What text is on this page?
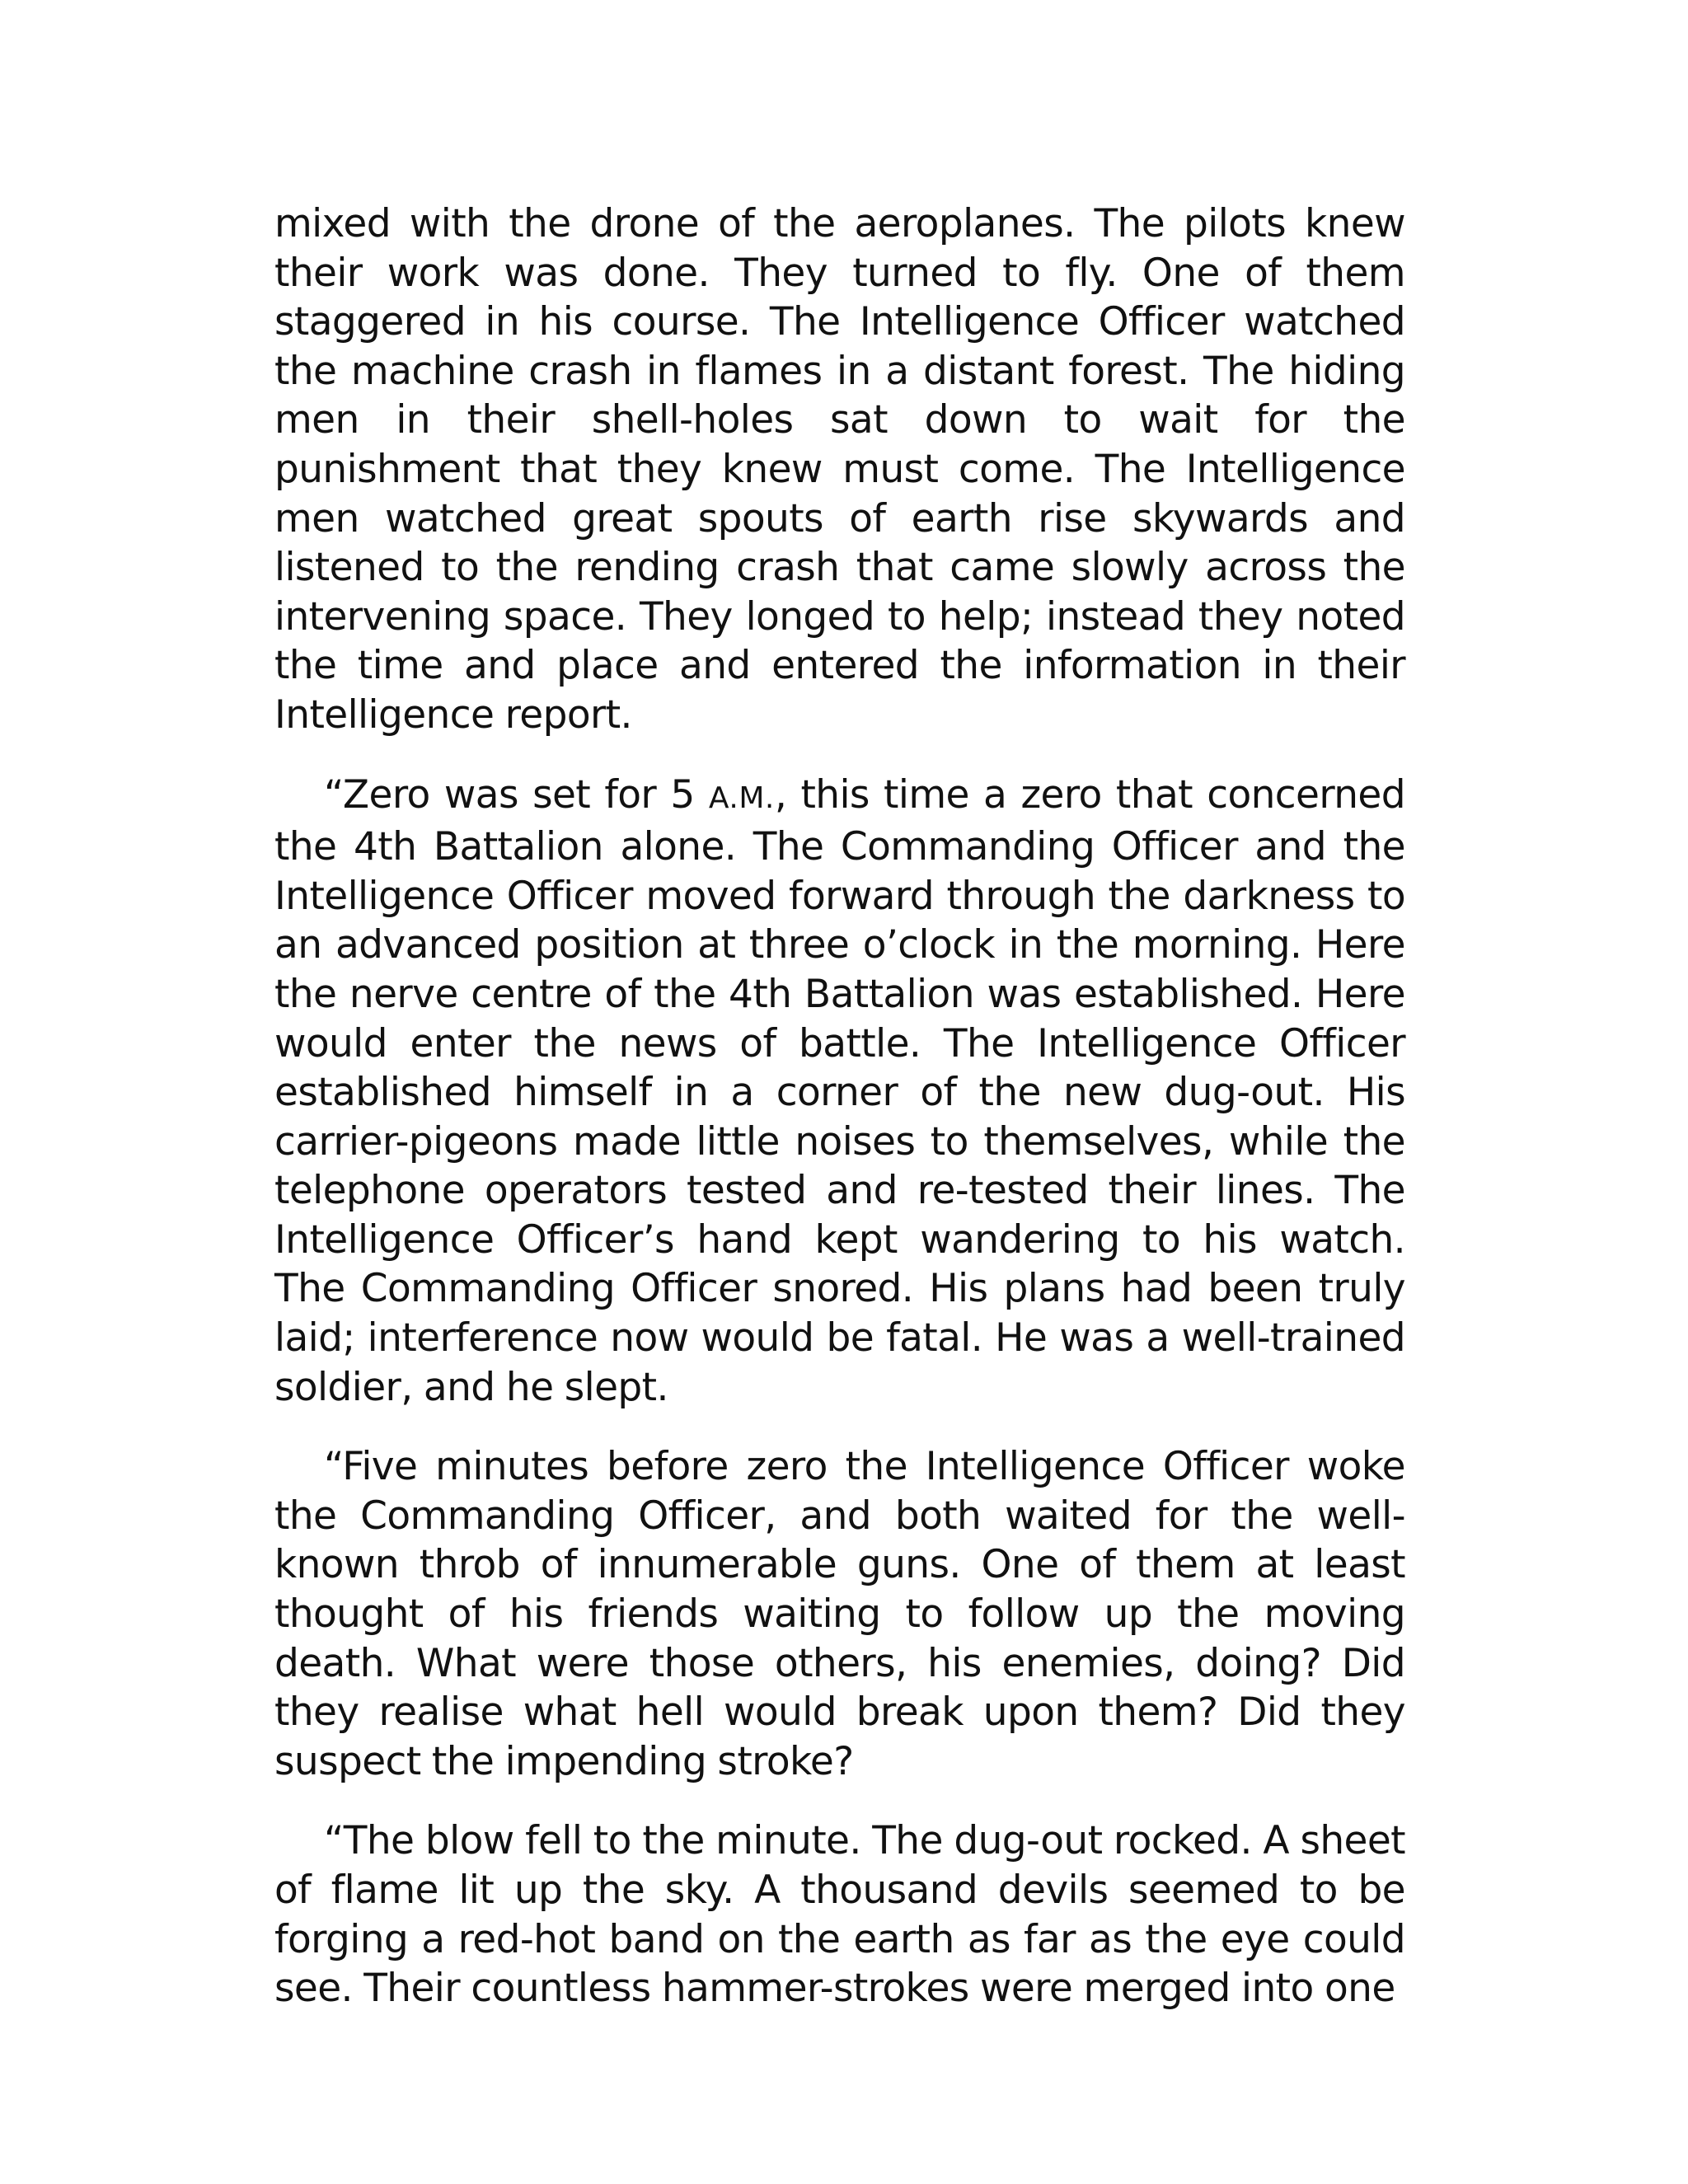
mixed with the drone of the aeroplanes. The pilots knew their work was done. They turned to fly. One of them staggered in his course. The Intelligence Officer watched the machine crash in flames in a distant forest. The hiding men in their shell-holes sat down to wait for the punishment that they knew must come. The Intelligence men watched great spouts of earth rise skywards and listened to the rending crash that came slowly across the intervening space. They longed to help; instead they noted the time and place and entered the information in their Intelligence report.

“Zero was set for 5 A.M., this time a zero that concerned the 4th Battalion alone. The Commanding Officer and the Intelligence Officer moved forward through the darkness to an advanced position at three o’clock in the morning. Here the nerve centre of the 4th Battalion was established. Here would enter the news of battle. The Intelligence Officer established himself in a corner of the new dug-out. His carrier-pigeons made little noises to themselves, while the telephone operators tested and re-tested their lines. The Intelligence Officer’s hand kept wandering to his watch. The Commanding Officer snored. His plans had been truly laid; interference now would be fatal. He was a well-trained soldier, and he slept.

“Five minutes before zero the Intelligence Officer woke the Commanding Officer, and both waited for the well-known throb of innumerable guns. One of them at least thought of his friends waiting to follow up the moving death. What were those others, his enemies, doing? Did they realise what hell would break upon them? Did they suspect the impending stroke?

“The blow fell to the minute. The dug-out rocked. A sheet of flame lit up the sky. A thousand devils seemed to be forging a red-hot band on the earth as far as the eye could see. Their countless hammer-strokes were merged into one
